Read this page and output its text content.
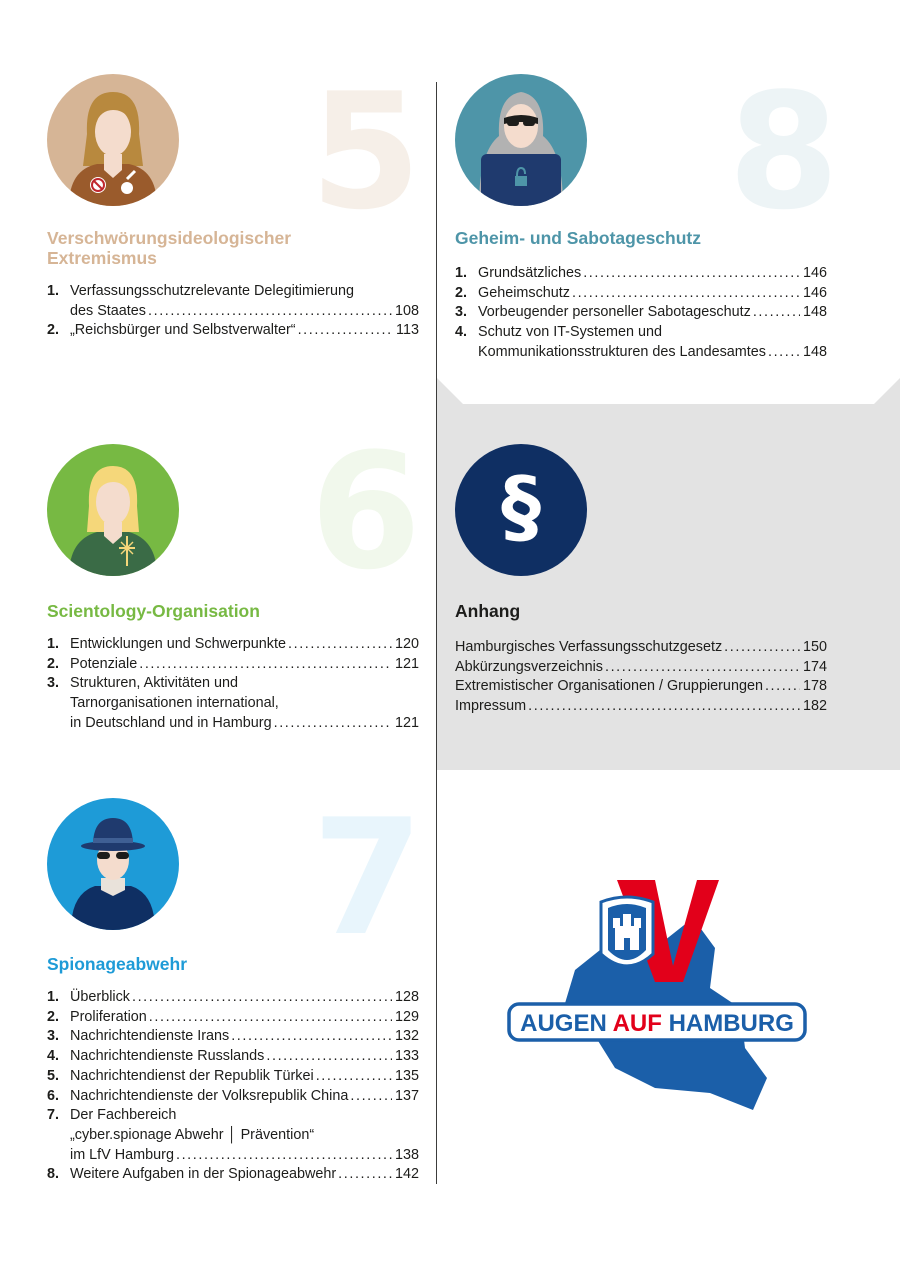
5
Verschwörungsideologischer Extremismus
1. Verfassungsschutzrelevante Delegitimierung
des Staates . . .	108
2. „Reichsbürger und Selbstverwalter“ . . .	113
8
Geheim- und Sabotageschutz
1. Grundsätzliches . . .	146
2. Geheimschutz . . .	146
3. Vorbeugender personeller Sabotageschutz . . .	148
4. Schutz von IT-Systemen und
Kommunikationsstrukturen des Landesamtes . . .	148
6
Scientology-Organisation
1. Entwicklungen und Schwerpunkte . . .	120
2. Potenziale . . .	121
3. Strukturen, Aktivitäten und
Tarnorganisationen international,
in Deutschland und in Hamburg . . .	121
§
Anhang
Hamburgisches Verfassungsschutzgesetz . . .	150
Abkürzungsverzeichnis . . .	174
Extremistischer Organisationen / Gruppierungen . . .	178
Impressum . . .	182
7
Spionageabwehr
1. Überblick . . .	128
2. Proliferation . . .	129
3. Nachrichtendienste Irans . . .	132
4. Nachrichtendienste Russlands . . .	133
5. Nachrichtendienst der Republik Türkei . . .	135
6. Nachrichtendienste der Volksrepublik China . . .	137
7. Der Fachbereich
„cyber.spionage Abwehr │ Prävention“
im LfV Hamburg . . .	138
8. Weitere Aufgaben in der Spionageabwehr . . .	142
AUGEN AUF HAMBURG
